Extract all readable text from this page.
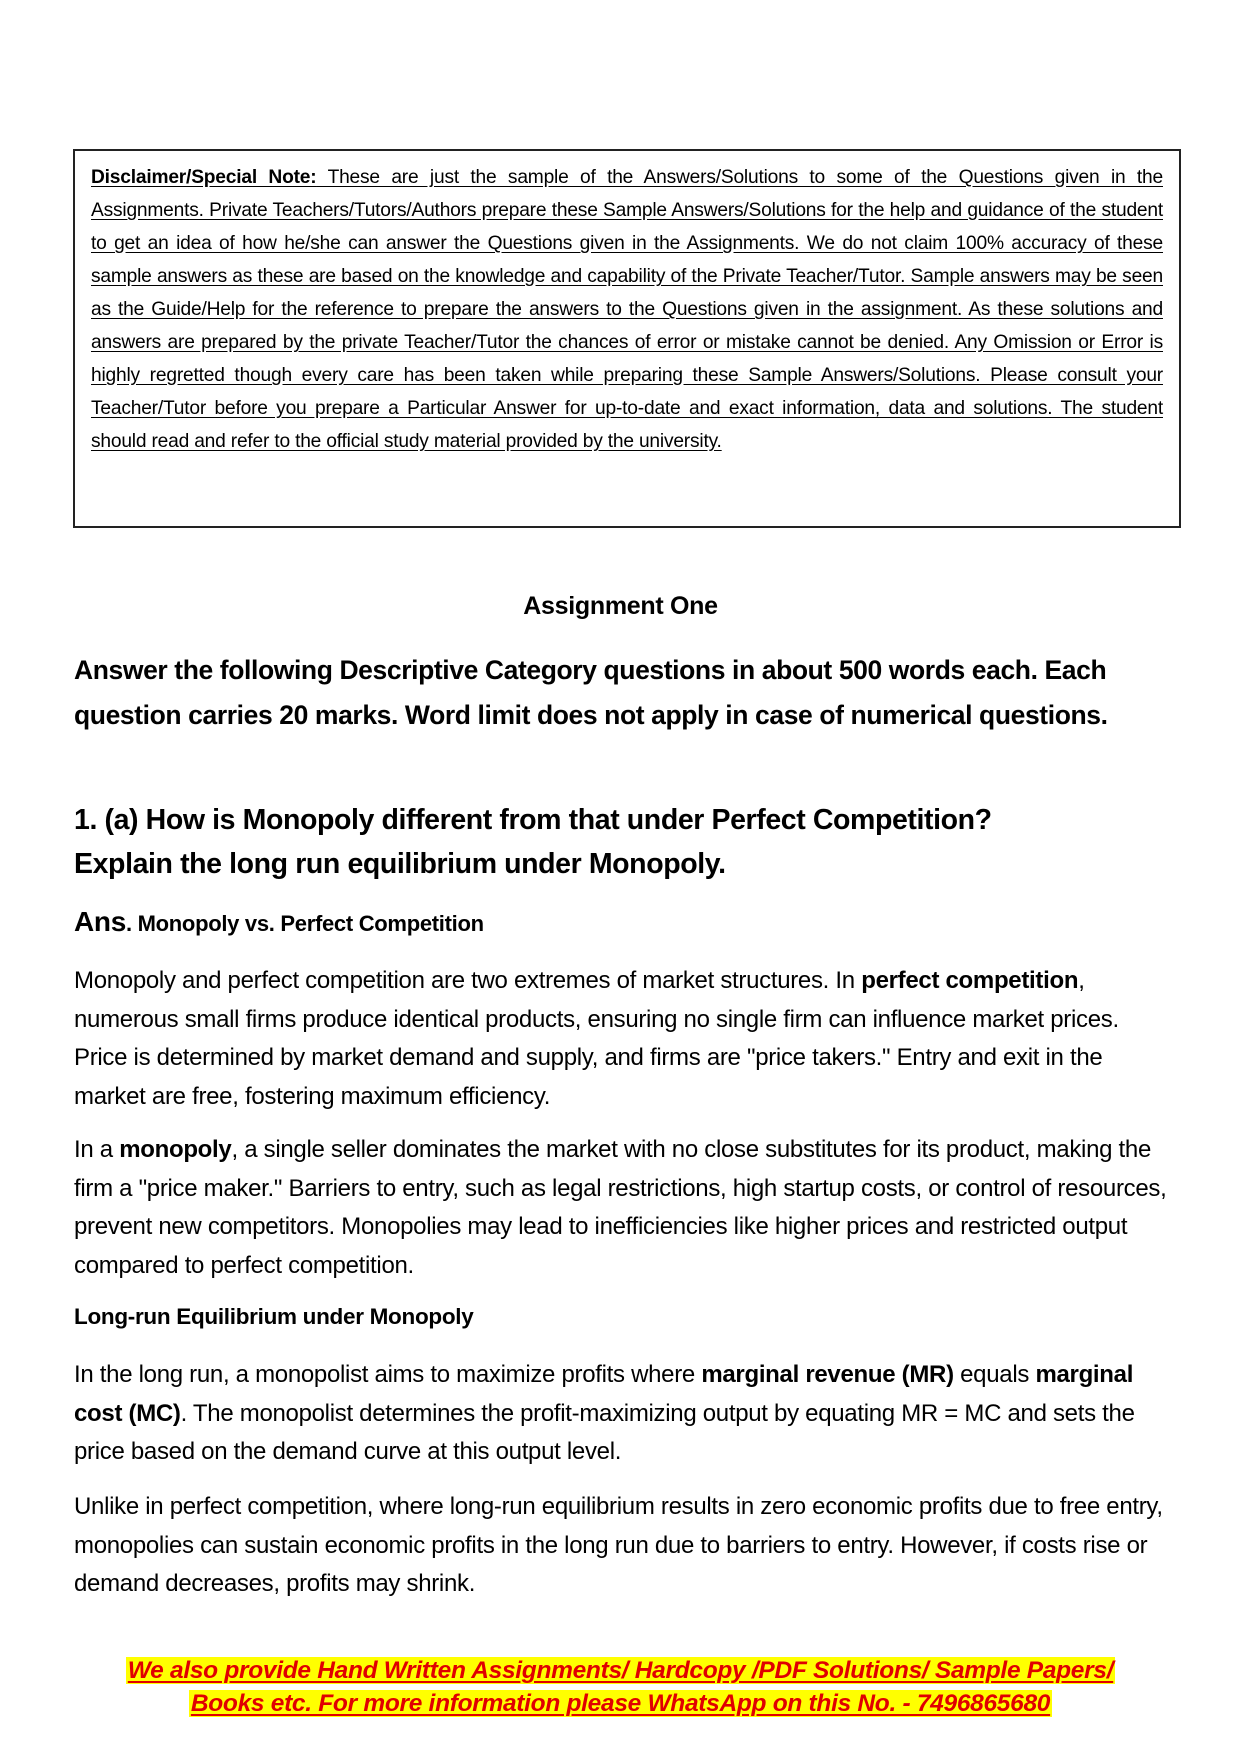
Disclaimer/Special Note: These are just the sample of the Answers/Solutions to some of the Questions given in the Assignments. Private Teachers/Tutors/Authors prepare these Sample Answers/Solutions for the help and guidance of the student to get an idea of how he/she can answer the Questions given in the Assignments. We do not claim 100% accuracy of these sample answers as these are based on the knowledge and capability of the Private Teacher/Tutor. Sample answers may be seen as the Guide/Help for the reference to prepare the answers to the Questions given in the assignment. As these solutions and answers are prepared by the private Teacher/Tutor the chances of error or mistake cannot be denied. Any Omission or Error is highly regretted though every care has been taken while preparing these Sample Answers/Solutions. Please consult your Teacher/Tutor before you prepare a Particular Answer for up-to-date and exact information, data and solutions. The student should read and refer to the official study material provided by the university.

Assignment One

Answer the following Descriptive Category questions in about 500 words each. Each question carries 20 marks. Word limit does not apply in case of numerical questions.

1. (a) How is Monopoly different from that under Perfect Competition?
Explain the long run equilibrium under Monopoly.

Ans. Monopoly vs. Perfect Competition

Monopoly and perfect competition are two extremes of market structures. In perfect competition, numerous small firms produce identical products, ensuring no single firm can influence market prices. Price is determined by market demand and supply, and firms are "price takers." Entry and exit in the market are free, fostering maximum efficiency.

In a monopoly, a single seller dominates the market with no close substitutes for its product, making the firm a "price maker." Barriers to entry, such as legal restrictions, high startup costs, or control of resources, prevent new competitors. Monopolies may lead to inefficiencies like higher prices and restricted output compared to perfect competition.

Long-run Equilibrium under Monopoly

In the long run, a monopolist aims to maximize profits where marginal revenue (MR) equals marginal cost (MC). The monopolist determines the profit-maximizing output by equating MR = MC and sets the price based on the demand curve at this output level.

Unlike in perfect competition, where long-run equilibrium results in zero economic profits due to free entry, monopolies can sustain economic profits in the long run due to barriers to entry. However, if costs rise or demand decreases, profits may shrink.

We also provide Hand Written Assignments/ Hardcopy /PDF Solutions/ Sample Papers/
Books etc. For more information please WhatsApp on this No. - 7496865680
